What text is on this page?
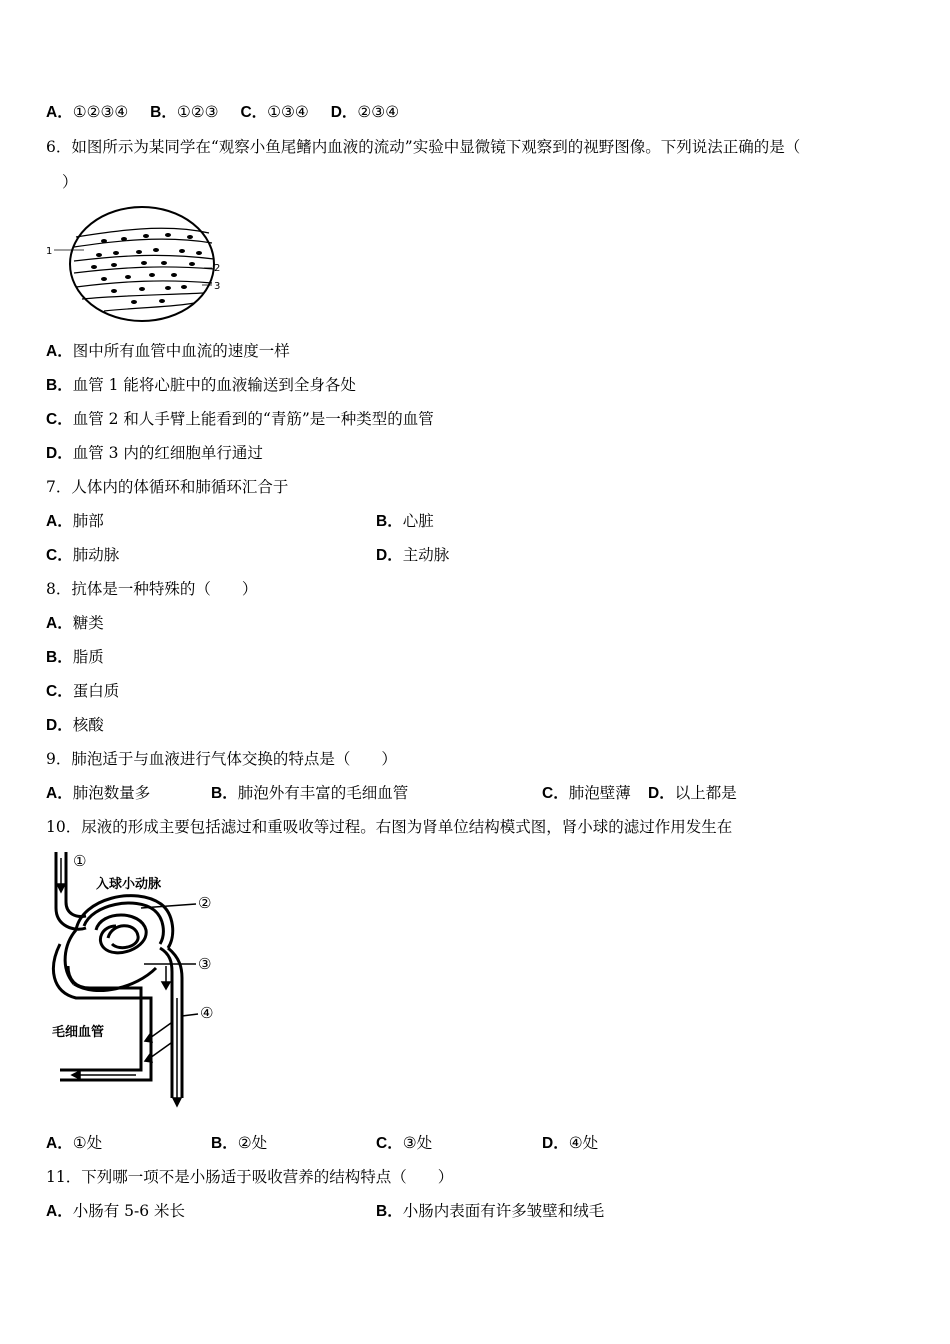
A．①②③④ B．①②③ C．①③④ D．②③④
6．如图所示为某同学在“观察小鱼尾鳍内血液的流动”实验中显微镜下观察到的视野图像。下列说法正确的是（
）
1
2
3
A．图中所有血管中血流的速度一样
B．血管 1 能将心脏中的血液输送到全身各处
C．血管 2 和人手臂上能看到的“青筋”是一种类型的血管
D．血管 3 内的红细胞单行通过
7．人体内的体循环和肺循环汇合于
A．肺部	B．心脏
C．肺动脉	D．主动脉
8．抗体是一种特殊的（　　）
A．糖类
B．脂质
C．蛋白质
D．核酸
9．肺泡适于与血液进行气体交换的特点是（　　）
A．肺泡数量多	B．肺泡外有丰富的毛细血管	C．肺泡壁薄 D．以上都是
10．尿液的形成主要包括滤过和重吸收等过程。右图为肾单位结构模式图，肾小球的滤过作用发生在
①
入球小动脉
②
③
④
毛细血管
A．①处	B．②处	C．③处	D．④处
11．下列哪一项不是小肠适于吸收营养的结构特点（　　）
A．小肠有 5-6 米长	B．小肠内表面有许多皱壁和绒毛
